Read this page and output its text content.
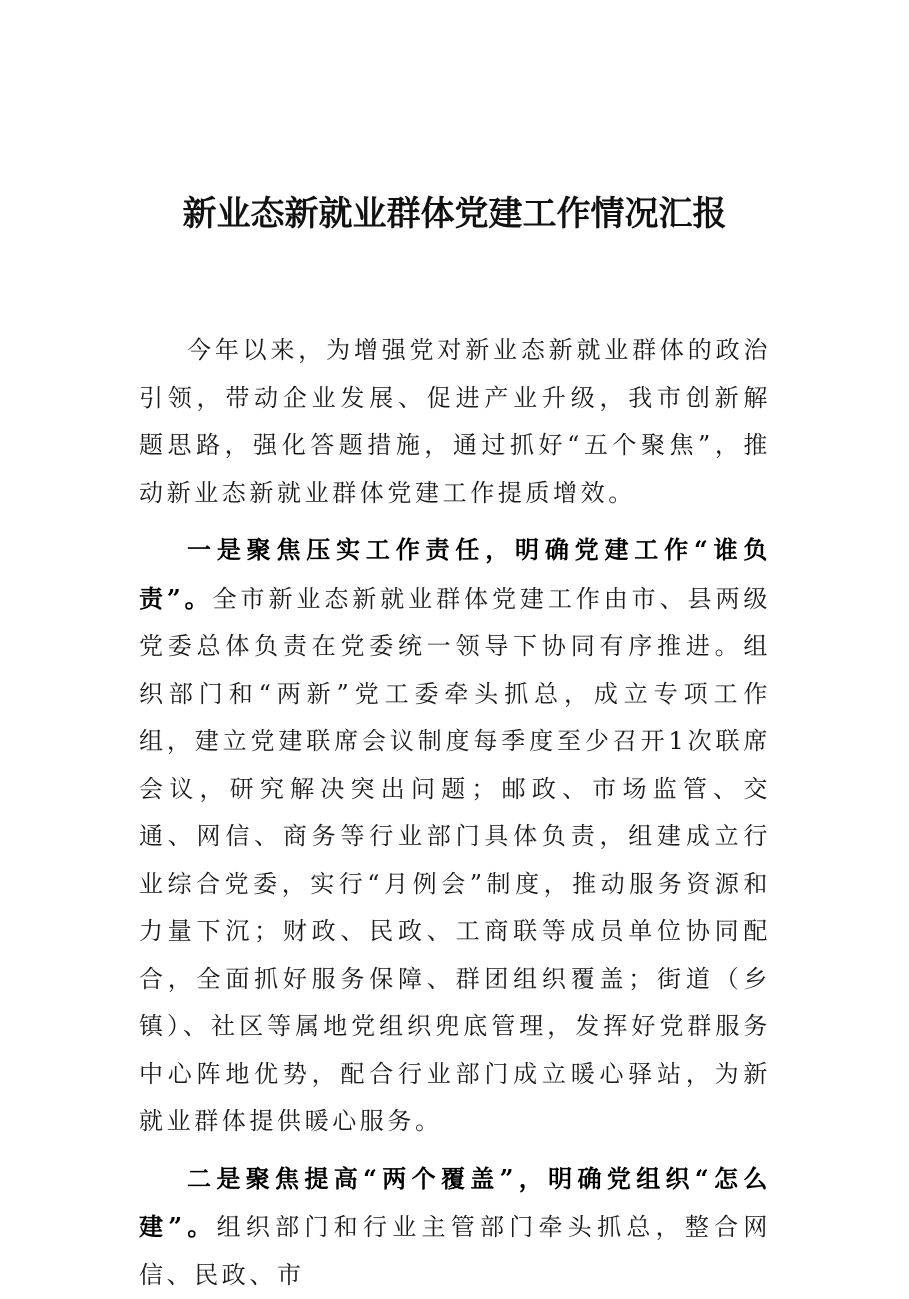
新业态新就业群体党建工作情况汇报

今年以来，为增强党对新业态新就业群体的政治引领，带动企业发展、促进产业升级，我市创新解题思路，强化答题措施，通过抓好“五个聚焦”，推动新业态新就业群体党建工作提质增效。

一是聚焦压实工作责任，明确党建工作“谁负责”。全市新业态新就业群体党建工作由市、县两级党委总体负责在党委统一领导下协同有序推进。组织部门和“两新”党工委牵头抓总，成立专项工作组，建立党建联席会议制度每季度至少召开1次联席会议，研究解决突出问题；邮政、市场监管、交通、网信、商务等行业部门具体负责，组建成立行业综合党委，实行“月例会”制度，推动服务资源和力量下沉；财政、民政、工商联等成员单位协同配合，全面抓好服务保障、群团组织覆盖；街道（乡镇）、社区等属地党组织兜底管理，发挥好党群服务中心阵地优势，配合行业部门成立暖心驿站，为新就业群体提供暖心服务。

二是聚焦提高“两个覆盖”，明确党组织“怎么建”。组织部门和行业主管部门牵头抓总，整合网信、民政、市
